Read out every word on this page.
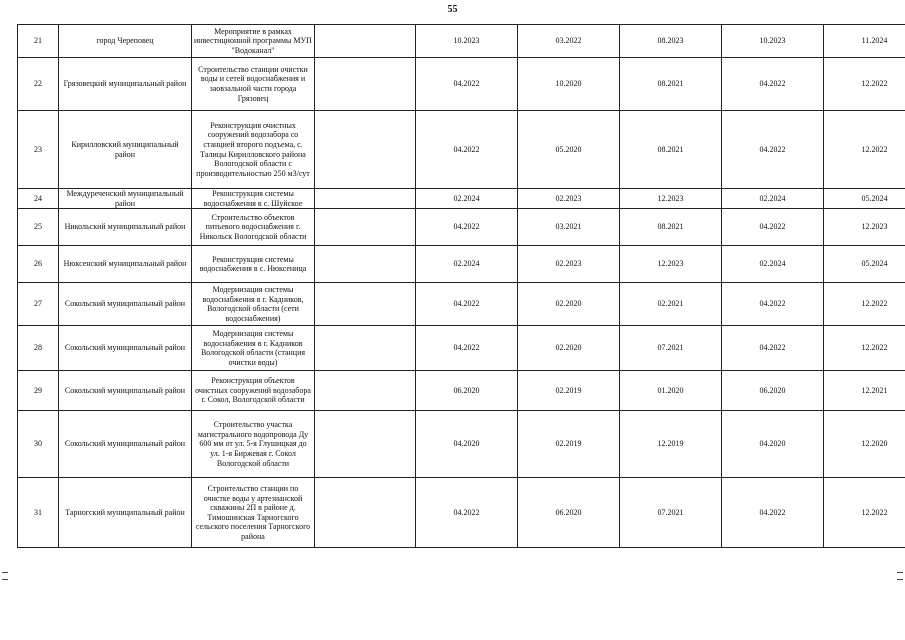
55
21	город Череповец	Мероприятие в рамках инвестиционной программы МУП "Водоканал"		10.2023	03.2022	08.2023	10.2023	11.2024
22	Грязовецкий муниципальный район	Строительство станции очистки воды и сетей водоснабжения и заовзальной части города Грязовец		04.2022	10.2020	08.2021	04.2022	12.2022
23	Кирилловский муниципальный район	Реконструкция очистных сооружений водозабора со станцией второго подъема, с. Талицы Кирилловского района Вологодской области с производительностью 250 м3/сут		04.2022	05.2020	08.2021	04.2022	12.2022
24	Междуреченский муниципальный район	Реконструкция системы водоснабжения в с. Шуйское		02.2024	02.2023	12.2023	02.2024	05.2024
25	Никольский муниципальный район	Строительство объектов питьевого водоснабжения г. Никольск Вологодской области		04.2022	03.2021	08.2021	04.2022	12.2023
26	Нюксенский муниципальный район	Реконструкция системы водоснабжения в с. Нюксеница		02.2024	02.2023	12.2023	02.2024	05.2024
27	Сокольский муниципальный район	Модернизация системы водоснабжения в г. Кадников, Вологодской области (сети водоснабжения)		04.2022	02.2020	02.2021	04.2022	12.2022
28	Сокольский муниципальный район	Модернизация системы водоснабжения в г. Кадников Вологодской области (станция очистки воды)		04.2022	02.2020	07.2021	04.2022	12.2022
29	Сокольский муниципальный район	Реконструкция объектов очистных сооружений водозабора г. Сокол, Вологодской области		06.2020	02.2019	01.2020	06.2020	12.2021
30	Сокольский муниципальный район	Строительство участка магистрального водопровода Ду 600 мм от ул. 5-я Глушицкая до ул. 1-я Биржевая г. Сокол Вологодской области		04.2020	02.2019	12.2019	04.2020	12.2020
31	Тарногский муниципальный район	Строительство станции по очистке воды у артезианской скважины 2П в районе д. Тимошинская Тарногского сельского поселения Тарногского района		04.2022	06.2020	07.2021	04.2022	12.2022
